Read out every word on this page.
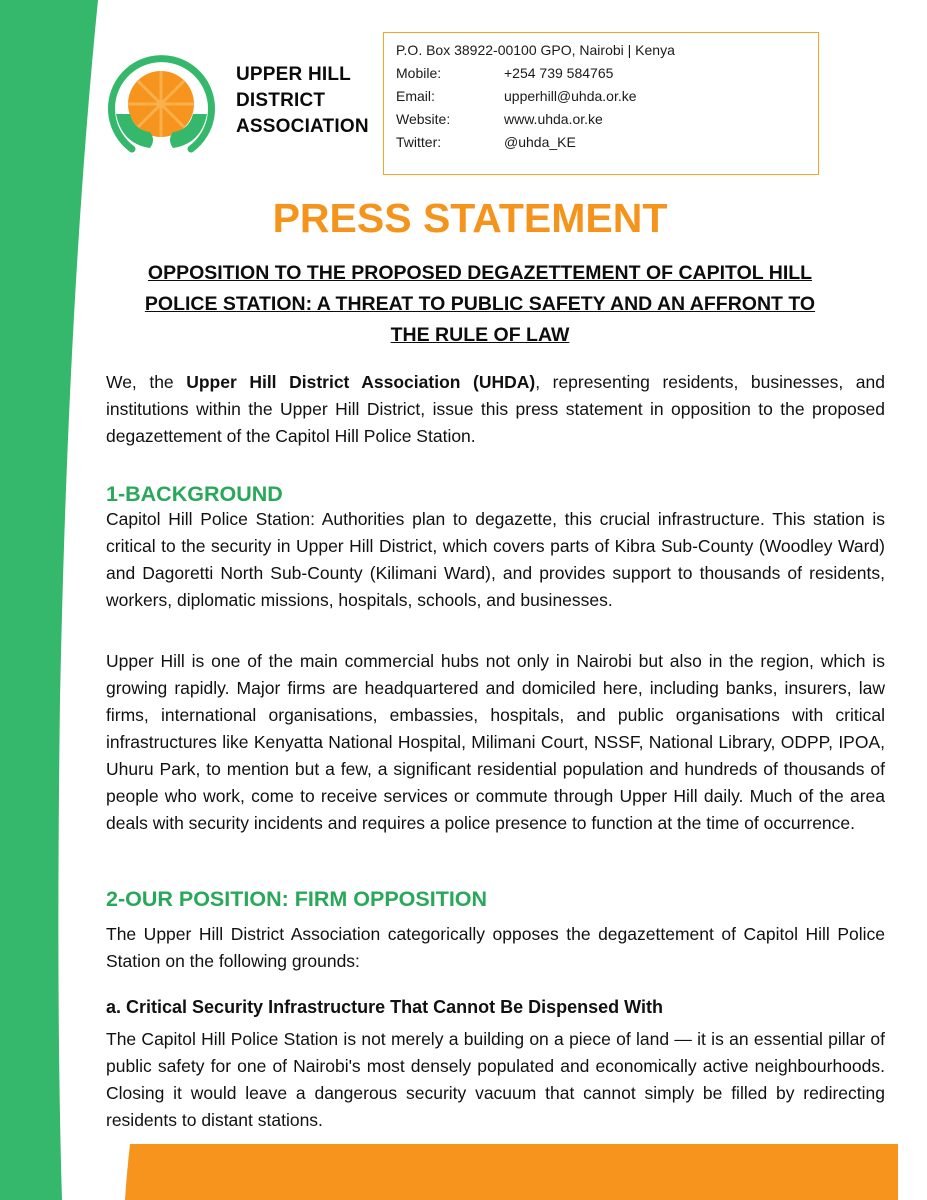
UPPER HILL
DISTRICT
ASSOCIATION
P.O. Box 38922-00100 GPO, Nairobi | Kenya
Mobile:	+254 739 584765
Email:	upperhill@uhda.or.ke
Website:	www.uhda.or.ke
Twitter:	@uhda_KE
PRESS STATEMENT
OPPOSITION TO THE PROPOSED DEGAZETTEMENT OF CAPITOL HILL
POLICE STATION: A THREAT TO PUBLIC SAFETY AND AN AFFRONT TO
THE RULE OF LAW

We, the Upper Hill District Association (UHDA), representing residents, businesses, and institutions within the Upper Hill District, issue this press statement in opposition to the proposed degazettement of the Capitol Hill Police Station.

1-BACKGROUND

Capitol Hill Police Station: Authorities plan to degazette, this crucial infrastructure. This station is critical to the security in Upper Hill District, which covers parts of Kibra Sub-County (Woodley Ward) and Dagoretti North Sub-County (Kilimani Ward), and provides support to thousands of residents, workers, diplomatic missions, hospitals, schools, and businesses.

Upper Hill is one of the main commercial hubs not only in Nairobi but also in the region, which is growing rapidly. Major firms are headquartered and domiciled here, including banks, insurers, law firms, international organisations, embassies, hospitals, and public organisations with critical infrastructures like Kenyatta National Hospital, Milimani Court, NSSF, National Library, ODPP, IPOA, Uhuru Park, to mention but a few, a significant residential population and hundreds of thousands of people who work, come to receive services or commute through Upper Hill daily. Much of the area deals with security incidents and requires a police presence to function at the time of occurrence.

2-OUR POSITION: FIRM OPPOSITION

The Upper Hill District Association categorically opposes the degazettement of Capitol Hill Police Station on the following grounds:

a. Critical Security Infrastructure That Cannot Be Dispensed With

The Capitol Hill Police Station is not merely a building on a piece of land — it is an essential pillar of public safety for one of Nairobi's most densely populated and economically active neighbourhoods. Closing it would leave a dangerous security vacuum that cannot simply be filled by redirecting residents to distant stations.
